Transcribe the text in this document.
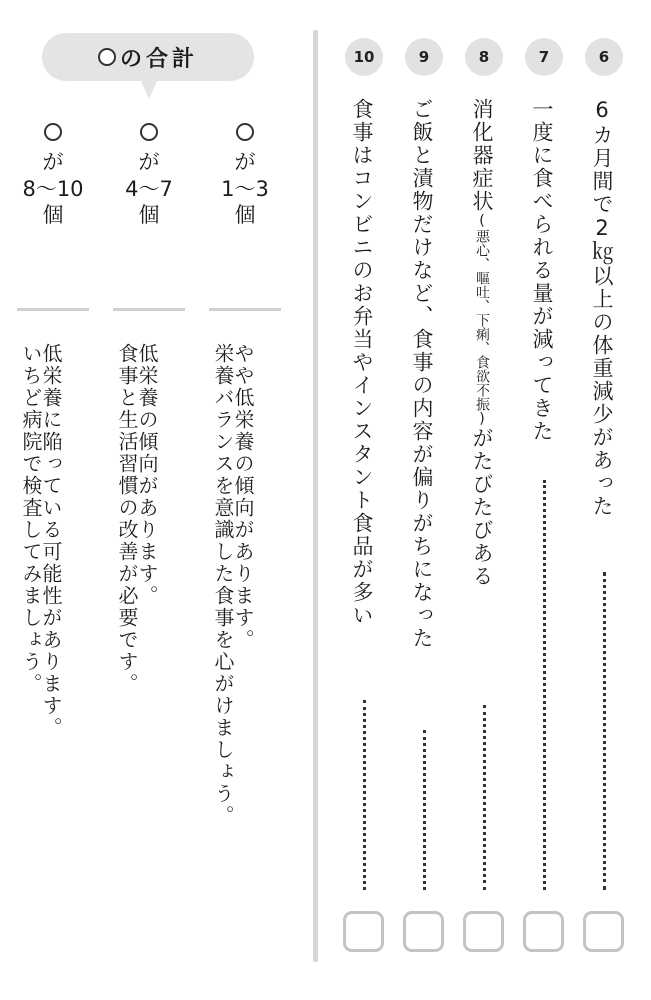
6
7
8
9
10
6カ月間で2㎏以上の体重減少があった
一度に食べられる量が減ってきた
消化器症状(悪心、嘔吐、下痢、食欲不振)がたびたびある
ご飯と漬物だけなど、食事の内容が偏りがちになった
食事はコンビニのお弁当やインスタント食品が多い
の合計

が
1〜3
個

が
4〜7
個

が
8〜10
個
やや低栄養の傾向があります。
栄養バランスを意識した食事を心がけましょう。
低栄養の傾向があります。
食事と生活習慣の改善が必要です。
低栄養に陥っている可能性があります。
いちど病院で検査してみましょう。
